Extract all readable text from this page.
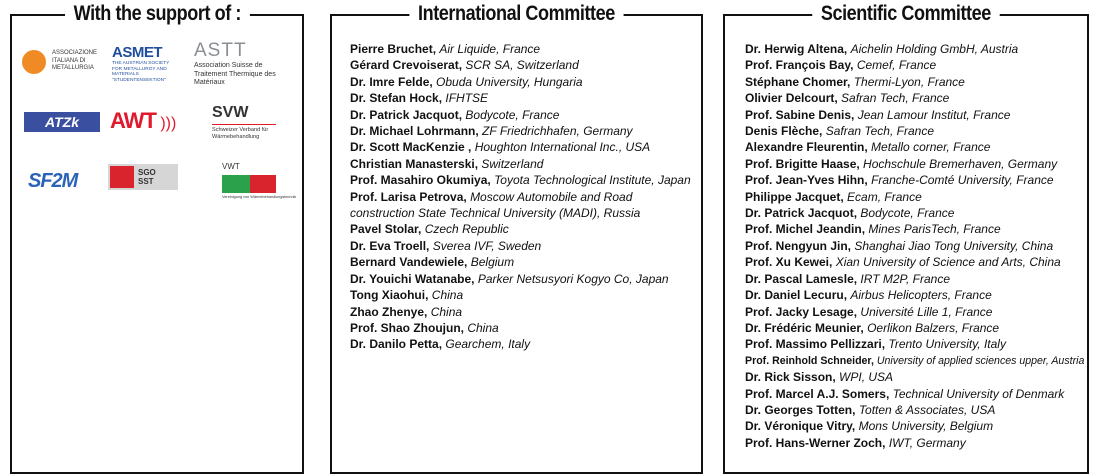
With the support of :
ASSOCIAZIONE ITALIANA DI METALLURGIA
ASMET
THE AUSTRIAN SOCIETY FOR METALLURGY AND MATERIALS "STUDENTENSEKTION"
ASTT
Association Suisse de Traitement Thermique des Matériaux
ATZk	AWT )))
SVW
Schweizer Verband für Wärmebehandlung
SF2M	SGO SST
VWT
Vereinigung von Wärmebehandlungstechnik
International Committee
Pierre Bruchet, Air Liquide, France
Gérard Crevoiserat, SCR SA, Switzerland
Dr. Imre Felde, Obuda University, Hungaria
Dr. Stefan Hock, IFHTSE
Dr. Patrick Jacquot, Bodycote, France
Dr. Michael Lohrmann, ZF Friedrichhafen, Germany
Dr. Scott MacKenzie , Houghton International Inc., USA
Christian Manasterski, Switzerland
Prof. Masahiro Okumiya, Toyota Technological Institute, Japan
Prof. Larisa Petrova, Moscow Automobile and Road
construction State Technical University (MADI), Russia
Pavel Stolar, Czech Republic
Dr. Eva Troell, Sverea IVF, Sweden
Bernard Vandewiele, Belgium
Dr. Youichi Watanabe, Parker Netsusyori Kogyo Co, Japan
Tong Xiaohui, China
Zhao Zhenye, China
Prof. Shao Zhoujun, China
Dr. Danilo Petta, Gearchem, Italy
Scientific Committee
Dr. Herwig Altena, Aichelin Holding GmbH, Austria
Prof. François Bay, Cemef, France
Stéphane Chomer, Thermi-Lyon, France
Olivier Delcourt, Safran Tech, France
Prof. Sabine Denis, Jean Lamour Institut, France
Denis Flèche, Safran Tech, France
Alexandre Fleurentin, Metallo corner, France
Prof. Brigitte Haase, Hochschule Bremerhaven, Germany
Prof. Jean-Yves Hihn, Franche-Comté University, France
Philippe Jacquet, Ecam, France
Dr. Patrick Jacquot, Bodycote, France
Prof. Michel Jeandin, Mines ParisTech, France
Prof. Nengyun Jin, Shanghai Jiao Tong University, China
Prof. Xu Kewei, Xian University of Science and Arts, China
Dr. Pascal Lamesle, IRT M2P, France
Dr. Daniel Lecuru, Airbus Helicopters, France
Prof. Jacky Lesage, Université Lille 1, France
Dr. Frédéric Meunier, Oerlikon Balzers, France
Prof. Massimo Pellizzari, Trento University, Italy
Prof. Reinhold Schneider, University of applied sciences upper, Austria
Dr. Rick Sisson, WPI, USA
Prof. Marcel A.J. Somers, Technical University of Denmark
Dr. Georges Totten, Totten & Associates, USA
Dr. Véronique Vitry, Mons University, Belgium
Prof. Hans-Werner Zoch, IWT, Germany
